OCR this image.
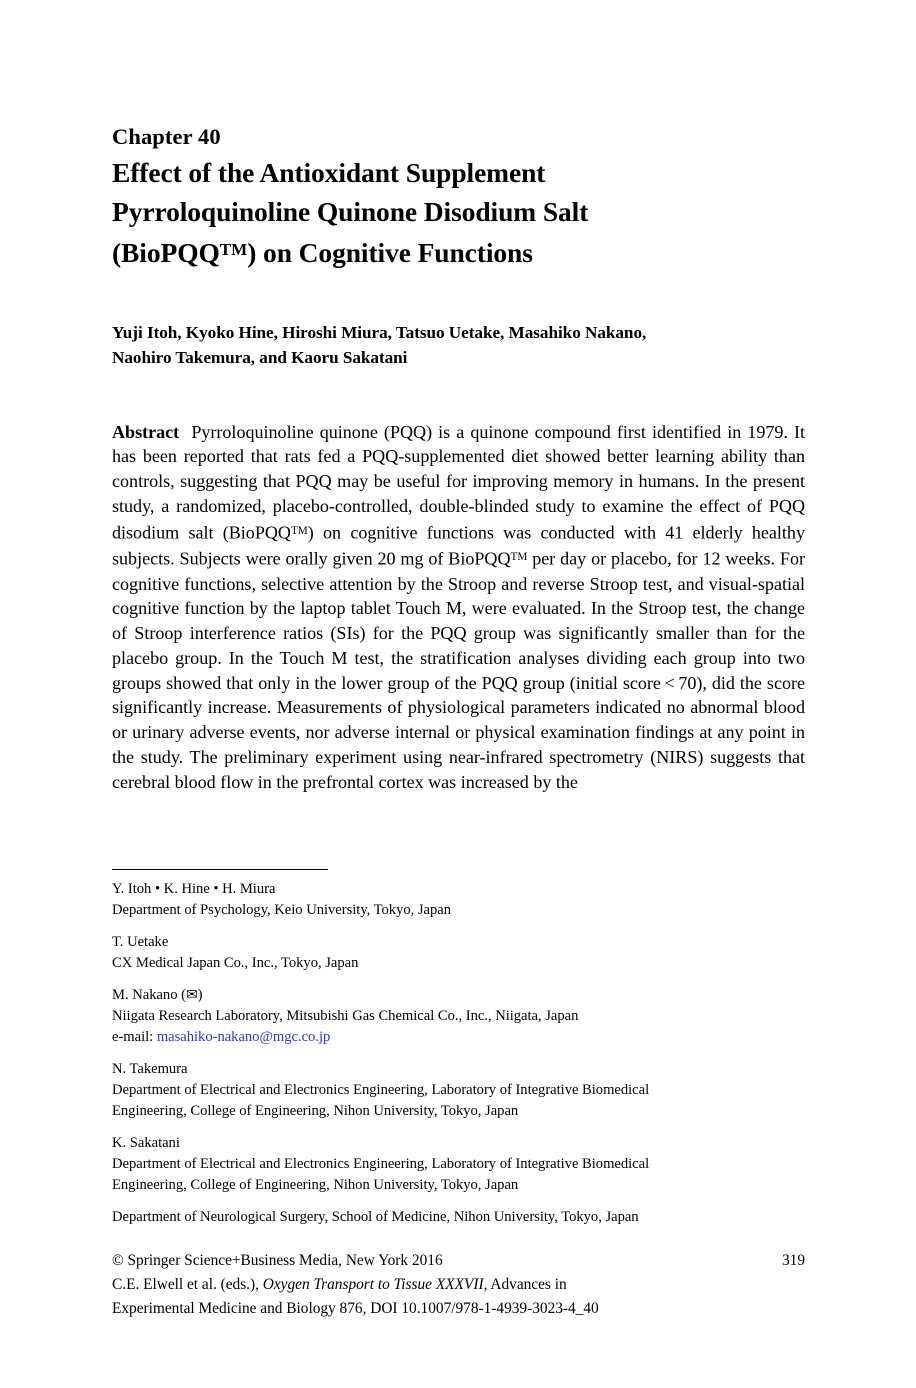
Chapter 40
Effect of the Antioxidant Supplement
Pyrroloquinoline Quinone Disodium Salt
(BioPQQ™) on Cognitive Functions
Yuji Itoh, Kyoko Hine, Hiroshi Miura, Tatsuo Uetake, Masahiko Nakano,
Naohiro Takemura, and Kaoru Sakatani

Abstract Pyrroloquinoline quinone (PQQ) is a quinone compound first identified in 1979. It has been reported that rats fed a PQQ-supplemented diet showed better learning ability than controls, suggesting that PQQ may be useful for improving memory in humans. In the present study, a randomized, placebo-controlled, double-blinded study to examine the effect of PQQ disodium salt (BioPQQ™) on cognitive functions was conducted with 41 elderly healthy subjects. Subjects were orally given 20 mg of BioPQQ™ per day or placebo, for 12 weeks. For cognitive functions, selective attention by the Stroop and reverse Stroop test, and visual-spatial cognitive function by the laptop tablet Touch M, were evaluated. In the Stroop test, the change of Stroop interference ratios (SIs) for the PQQ group was significantly smaller than for the placebo group. In the Touch M test, the stratification analyses dividing each group into two groups showed that only in the lower group of the PQQ group (initial score < 70), did the score significantly increase. Measurements of physiological parameters indicated no abnormal blood or urinary adverse events, nor adverse internal or physical examination findings at any point in the study. The preliminary experiment using near-infrared spectrometry (NIRS) suggests that cerebral blood flow in the prefrontal cortex was increased by the

Y. Itoh • K. Hine • H. Miura
Department of Psychology, Keio University, Tokyo, Japan
T. Uetake
CX Medical Japan Co., Inc., Tokyo, Japan
M. Nakano (✉)
Niigata Research Laboratory, Mitsubishi Gas Chemical Co., Inc., Niigata, Japan
e-mail: masahiko-nakano@mgc.co.jp
N. Takemura
Department of Electrical and Electronics Engineering, Laboratory of Integrative Biomedical
Engineering, College of Engineering, Nihon University, Tokyo, Japan
K. Sakatani
Department of Electrical and Electronics Engineering, Laboratory of Integrative Biomedical
Engineering, College of Engineering, Nihon University, Tokyo, Japan
Department of Neurological Surgery, School of Medicine, Nihon University, Tokyo, Japan
© Springer Science+Business Media, New York 2016	319
C.E. Elwell et al. (eds.), Oxygen Transport to Tissue XXXVII, Advances in
Experimental Medicine and Biology 876, DOI 10.1007/978-1-4939-3023-4_40
